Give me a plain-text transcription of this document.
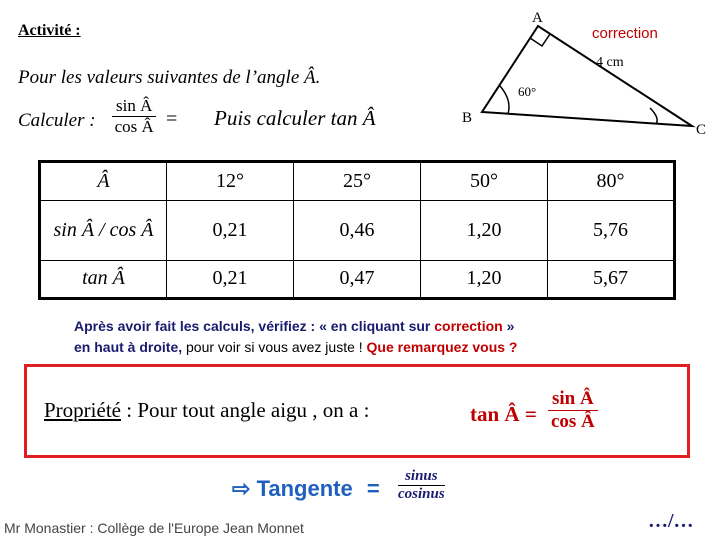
Activité :	correction
A
B
C
4 cm
60°
Pour les valeurs suivantes de l’angle Â.
Calculer : $\frac{\text{sin Â}}{\text{cos Â}}$ = Puis calculer tan Â
Â	12°	25°	50°	80°
sin Â / cos Â	0,21	0,46	1,20	5,76
tan Â	0,21	0,47	1,20	5,67
Après avoir fait les calculs, vérifiez : « en cliquant sur correction »
en haut à droite, pour voir si vous avez juste ! Que remarquez vous ?
Propriété : Pour tout angle aigu , on a :	tan Â = $\frac{\text{sin Â}}{\text{cos Â}}$
⇨ Tangente =	sinus
cosinus
Mr Monastier : Collège de l'Europe Jean Monnet	…/…
